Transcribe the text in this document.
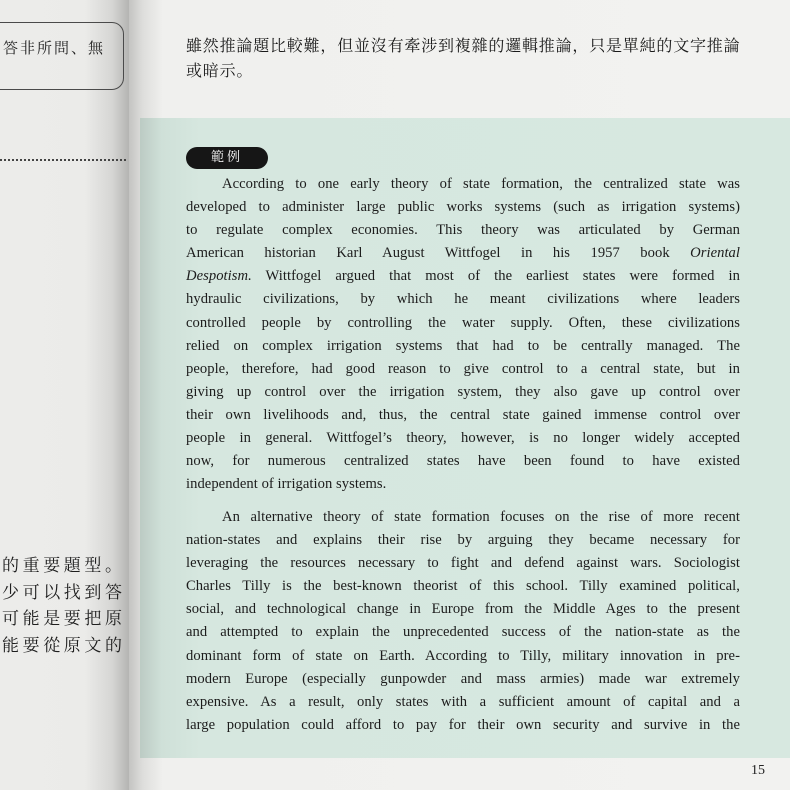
答非所問、無
的重要題型。
少可以找到答
可能是要把原
能要從原文的
雖然推論題比較難，但並沒有牽涉到複雜的邏輯推論，只是單純的文字推論
或暗示。
範例
According to one early theory of state formation, the centralized state was
developed to administer large public works systems (such as irrigation systems)
to regulate complex economies. This theory was articulated by German
American historian Karl August Wittfogel in his 1957 book Oriental
Despotism. Wittfogel argued that most of the earliest states were formed in
hydraulic civilizations, by which he meant civilizations where leaders
controlled people by controlling the water supply. Often, these civilizations
relied on complex irrigation systems that had to be centrally managed. The
people, therefore, had good reason to give control to a central state, but in
giving up control over the irrigation system, they also gave up control over
their own livelihoods and, thus, the central state gained immense control over
people in general. Wittfogel’s theory, however, is no longer widely accepted
now, for numerous centralized states have been found to have existed
independent of irrigation systems.
An alternative theory of state formation focuses on the rise of more recent
nation-states and explains their rise by arguing they became necessary for
leveraging the resources necessary to fight and defend against wars. Sociologist
Charles Tilly is the best-known theorist of this school. Tilly examined political,
social, and technological change in Europe from the Middle Ages to the present
and attempted to explain the unprecedented success of the nation-state as the
dominant form of state on Earth. According to Tilly, military innovation in pre-
modern Europe (especially gunpowder and mass armies) made war extremely
expensive. As a result, only states with a sufficient amount of capital and a
large population could afford to pay for their own security and survive in the
15
